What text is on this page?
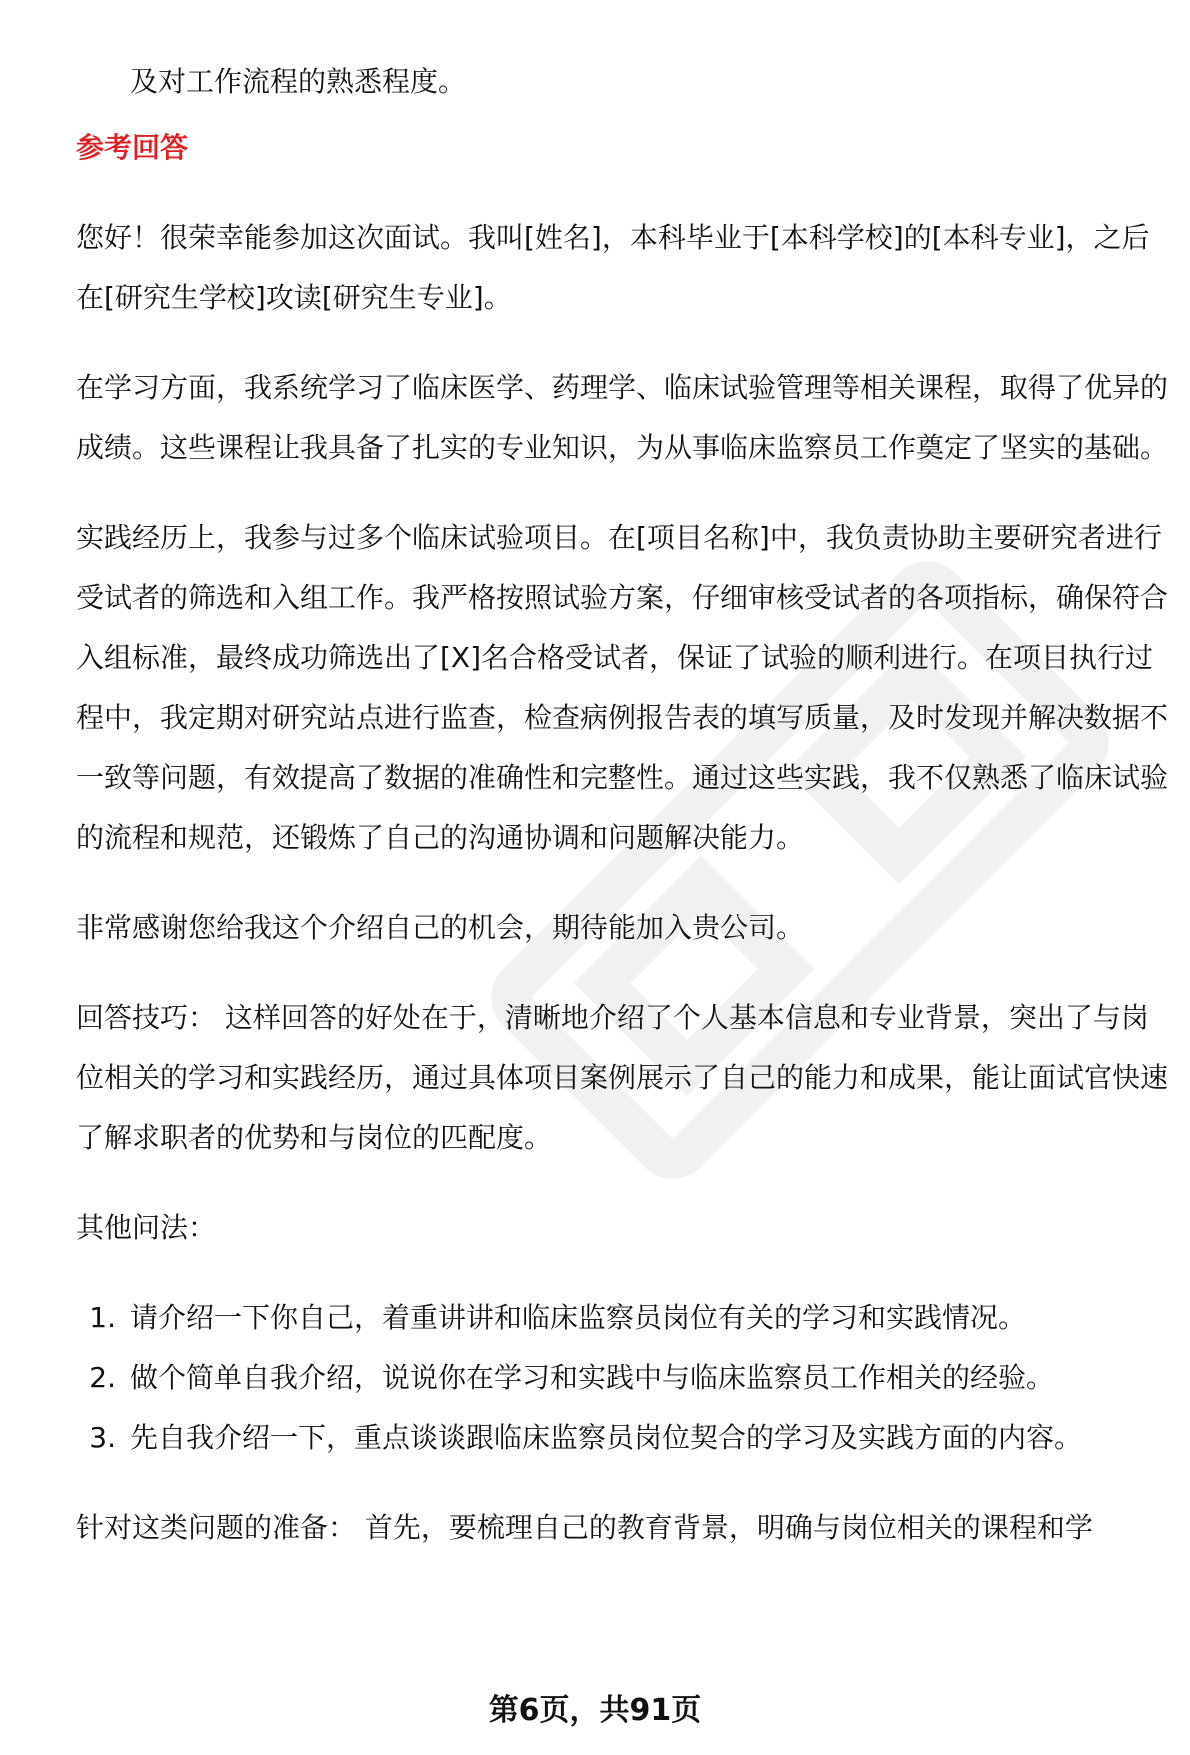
及对工作流程的熟悉程度。

参考回答

您好！很荣幸能参加这次面试。我叫[姓名]，本科毕业于[本科学校]的[本科专业]，之后在[研究生学校]攻读[研究生专业]。

在学习方面，我系统学习了临床医学、药理学、临床试验管理等相关课程，取得了优异的成绩。这些课程让我具备了扎实的专业知识，为从事临床监察员工作奠定了坚实的基础。

实践经历上，我参与过多个临床试验项目。在[项目名称]中，我负责协助主要研究者进行受试者的筛选和入组工作。我严格按照试验方案，仔细审核受试者的各项指标，确保符合入组标准，最终成功筛选出了[X]名合格受试者，保证了试验的顺利进行。在项目执行过程中，我定期对研究站点进行监查，检查病例报告表的填写质量，及时发现并解决数据不一致等问题，有效提高了数据的准确性和完整性。通过这些实践，我不仅熟悉了临床试验的流程和规范，还锻炼了自己的沟通协调和问题解决能力。

非常感谢您给我这个介绍自己的机会，期待能加入贵公司。

回答技巧： 这样回答的好处在于，清晰地介绍了个人基本信息和专业背景，突出了与岗位相关的学习和实践经历，通过具体项目案例展示了自己的能力和成果，能让面试官快速了解求职者的优势和与岗位的匹配度。

其他问法：

1. 请介绍一下你自己，着重讲讲和临床监察员岗位有关的学习和实践情况。
2. 做个简单自我介绍，说说你在学习和实践中与临床监察员工作相关的经验。
3. 先自我介绍一下，重点谈谈跟临床监察员岗位契合的学习及实践方面的内容。

针对这类问题的准备： 首先，要梳理自己的教育背景，明确与岗位相关的课程和学

第6页，共91页
